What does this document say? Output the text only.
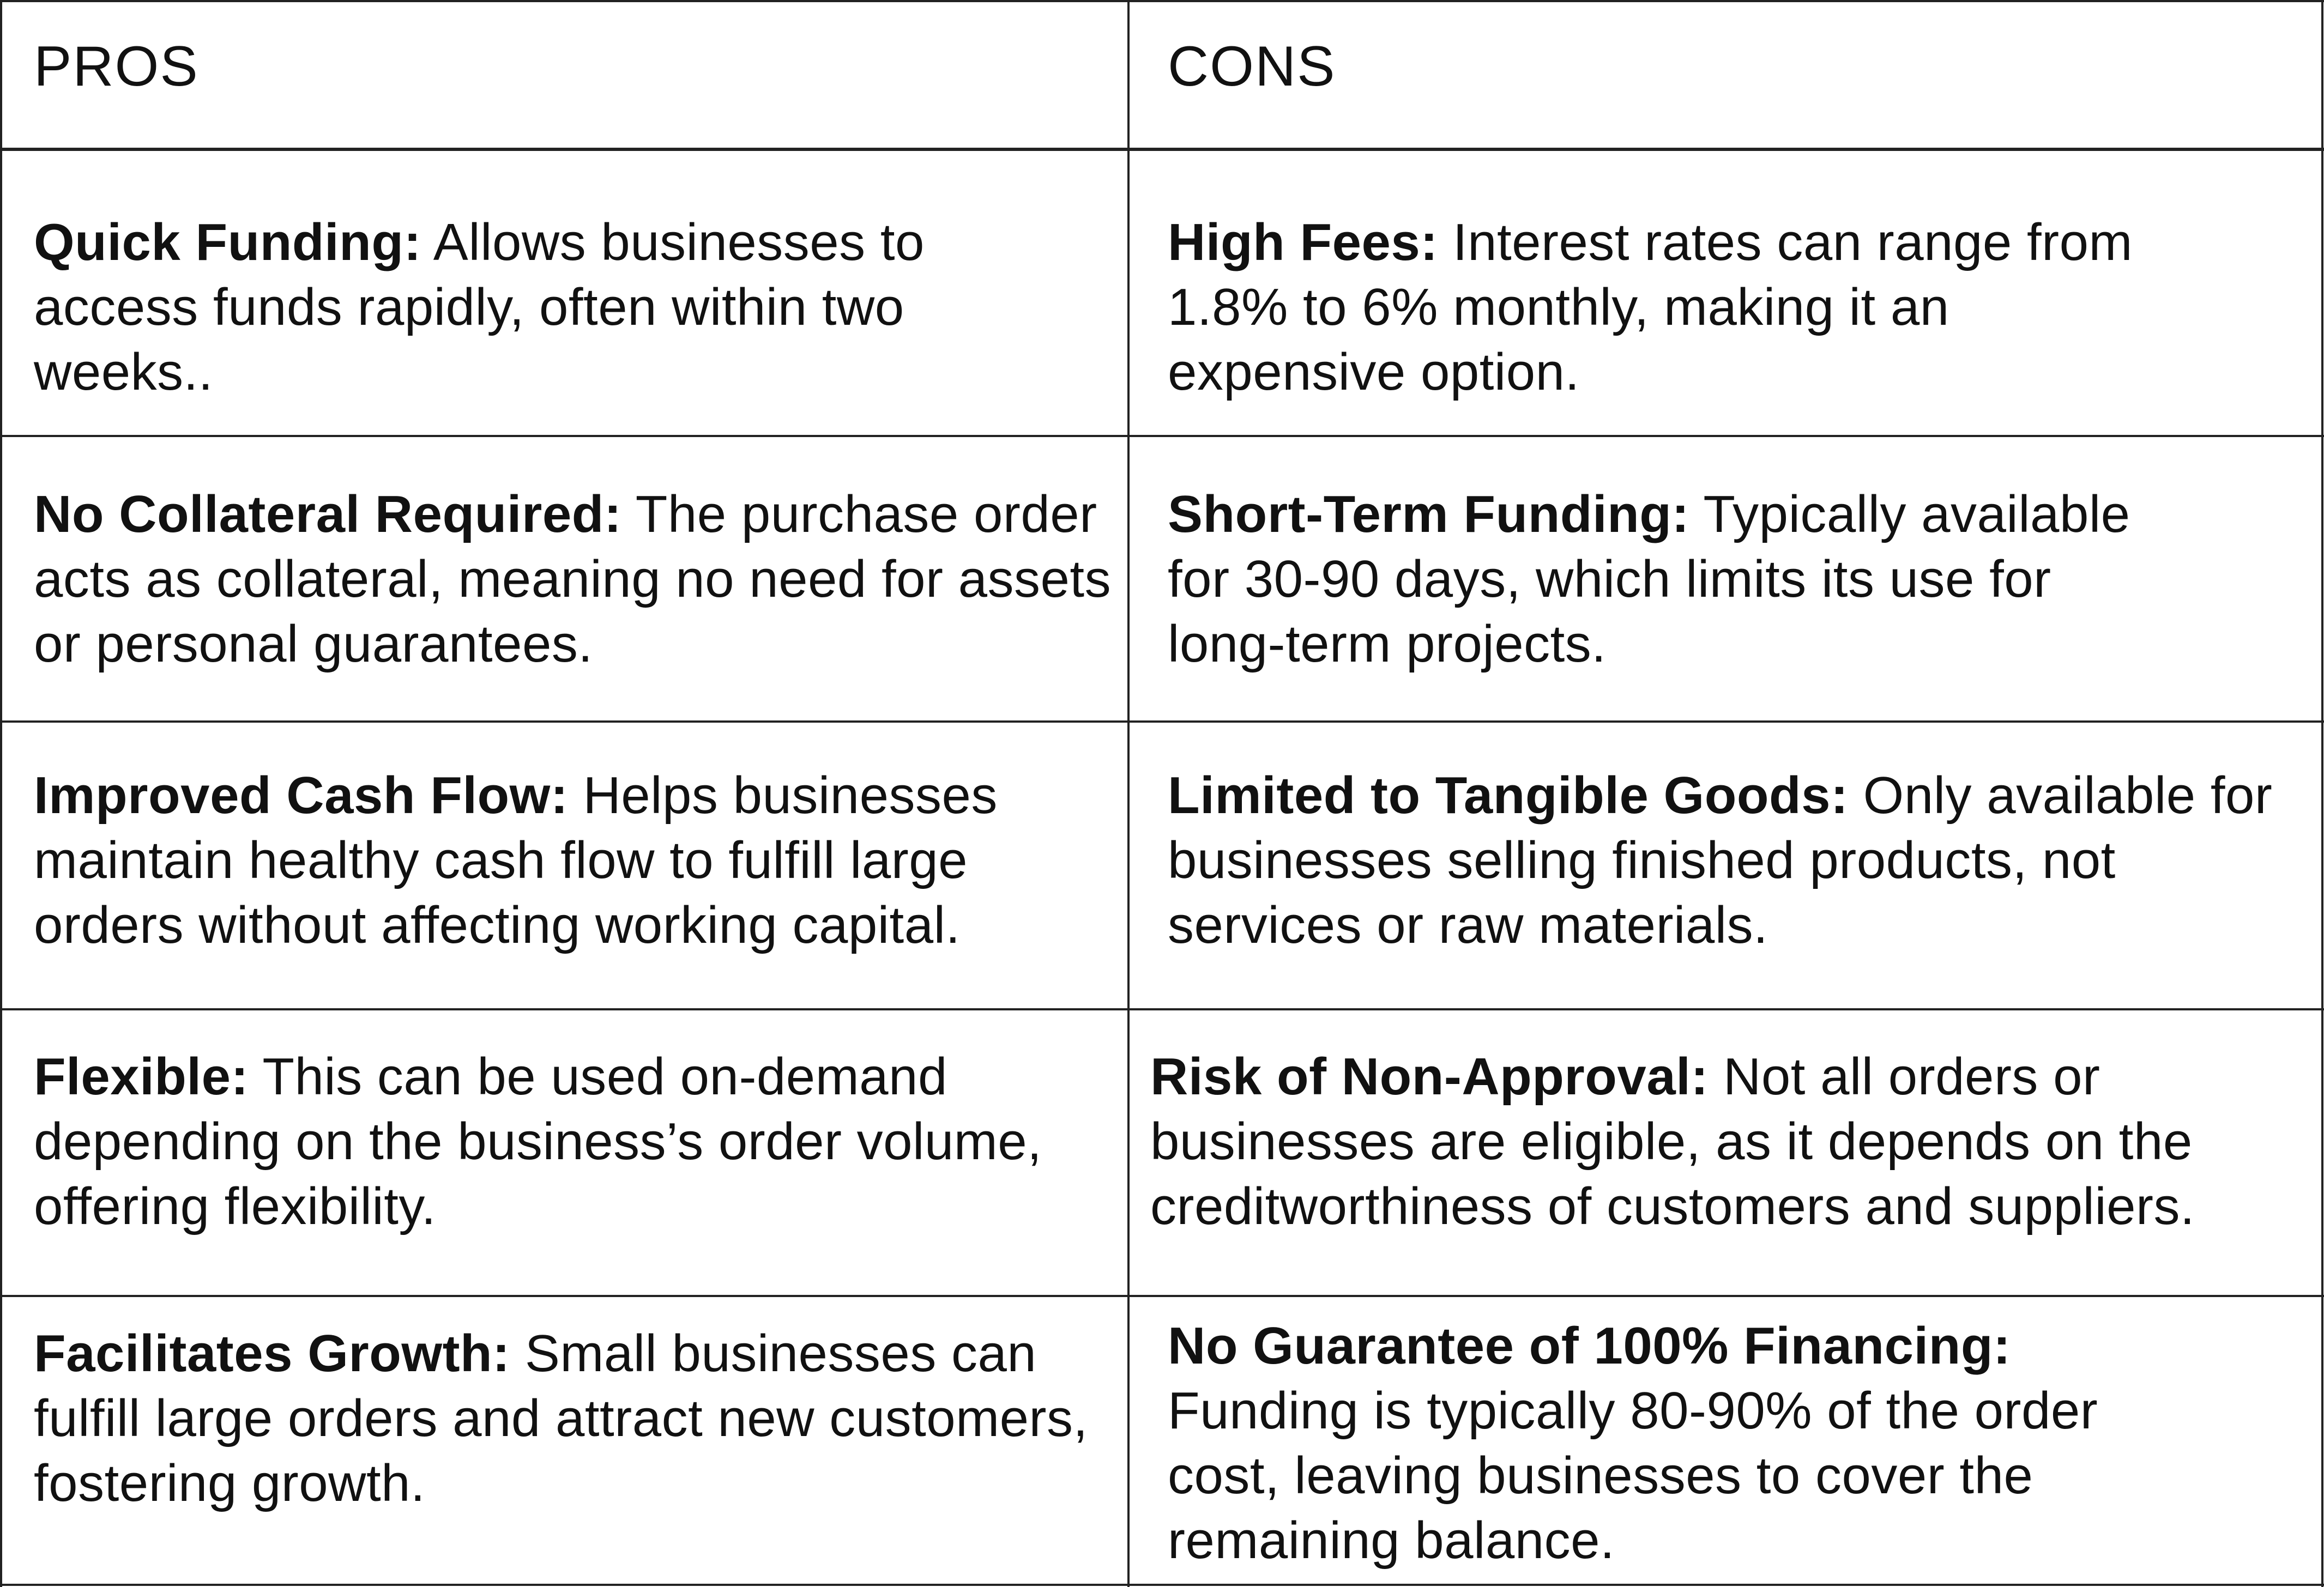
PROS	CONS
Quick Funding: Allows businesses to access funds rapidly, often within two weeks..
High Fees: Interest rates can range from 1.8% to 6% monthly, making it an expensive option.
No Collateral Required: The purchase order acts as collateral, meaning no need for assets or personal guarantees.
Short-Term Funding: Typically available for 30-90 days, which limits its use for long-term projects.
Improved Cash Flow: Helps businesses maintain healthy cash flow to fulfill large orders without affecting working capital.
Limited to Tangible Goods: Only available for businesses selling finished products, not services or raw materials.
Flexible: This can be used on-demand depending on the business’s order volume, offering flexibility.
Risk of Non-Approval: Not all orders or businesses are eligible, as it depends on the creditworthiness of customers and suppliers.
Facilitates Growth: Small businesses can fulfill large orders and attract new customers, fostering growth.
No Guarantee of 100% Financing: Funding is typically 80-90% of the order cost, leaving businesses to cover the remaining balance.
